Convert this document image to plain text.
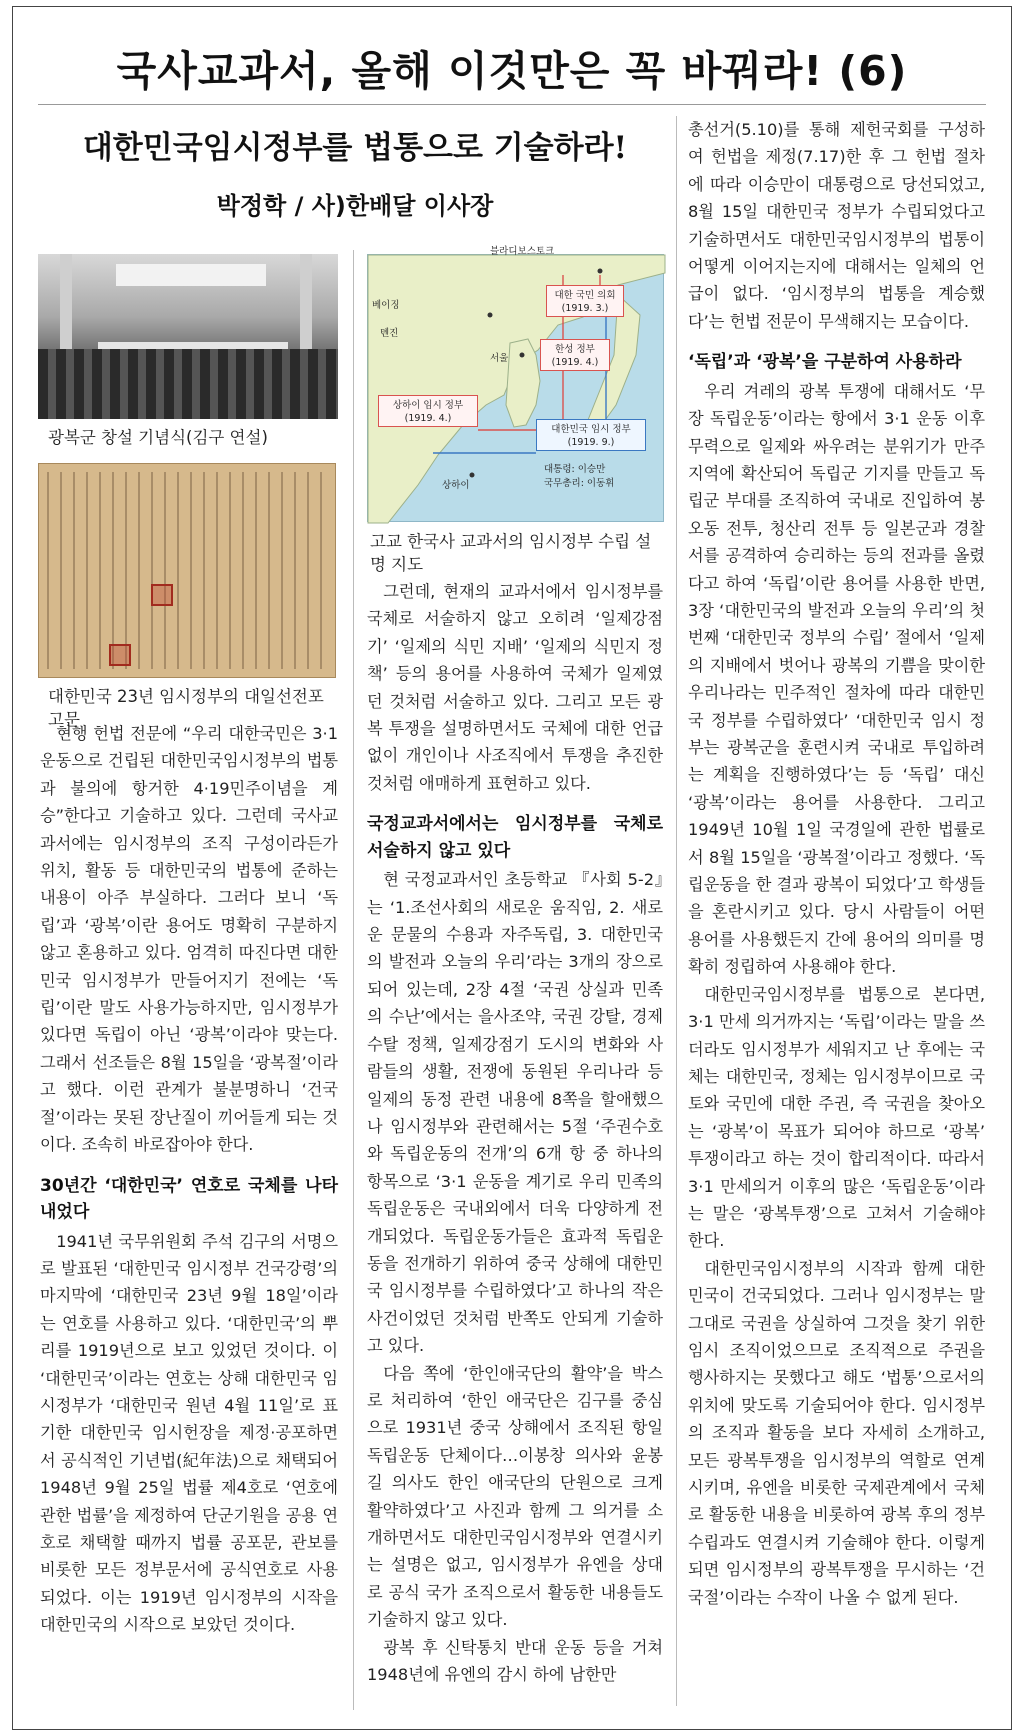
국사교과서, 올해 이것만은 꼭 바꿔라! (6)
대한민국임시정부를 법통으로 기술하라!
박정학 / 사)한배달 이사장
광복군 창설 기념식(김구 연설)
대한민국 23년 임시정부의 대일선전포고문
블라디보스토크
베이징
톈진
서울
상하이
대한 국민 의회
(1919. 3.)
한성 정부
(1919. 4.)
상하이 임시 정부
(1919. 4.)
대한민국 임시 정부
(1919. 9.)
대통령: 이승만
국무총리: 이동휘
고교 한국사 교과서의 임시정부 수립 설명 지도

현행 헌법 전문에 “우리 대한국민은 3·1운동으로 건립된 대한민국임시정부의 법통과 불의에 항거한 4·19민주이념을 계승”한다고 기술하고 있다. 그런데 국사교과서에는 임시정부의 조직 구성이라든가 위치, 활동 등 대한민국의 법통에 준하는 내용이 아주 부실하다. 그러다 보니 ‘독립’과 ‘광복’이란 용어도 명확히 구분하지 않고 혼용하고 있다. 엄격히 따진다면 대한민국 임시정부가 만들어지기 전에는 ‘독립’이란 말도 사용가능하지만, 임시정부가 있다면 독립이 아닌 ‘광복’이라야 맞는다. 그래서 선조들은 8월 15일을 ‘광복절’이라고 했다. 이런 관계가 불분명하니 ‘건국절’이라는 못된 장난질이 끼어들게 되는 것이다. 조속히 바로잡아야 한다.

30년간 ‘대한민국’ 연호로 국체를 나타내었다

1941년 국무위원회 주석 김구의 서명으로 발표된 ‘대한민국 임시정부 건국강령’의 마지막에 ‘대한민국 23년 9월 18일’이라는 연호를 사용하고 있다. ‘대한민국’의 뿌리를 1919년으로 보고 있었던 것이다. 이 ‘대한민국’이라는 연호는 상해 대한민국 임시정부가 ‘대한민국 원년 4월 11일’로 표기한 대한민국 임시헌장을 제정·공포하면서 공식적인 기년법(紀年法)으로 채택되어 1948년 9월 25일 법률 제4호로 ‘연호에 관한 법률’을 제정하여 단군기원을 공용 연호로 채택할 때까지 법률 공포문, 관보를 비롯한 모든 정부문서에 공식연호로 사용되었다. 이는 1919년 임시정부의 시작을 대한민국의 시작으로 보았던 것이다.

그런데, 현재의 교과서에서 임시정부를 국체로 서술하지 않고 오히려 ‘일제강점기’ ‘일제의 식민 지배’ ‘일제의 식민지 정책’ 등의 용어를 사용하여 국체가 일제였던 것처럼 서술하고 있다. 그리고 모든 광복 투쟁을 설명하면서도 국체에 대한 언급 없이 개인이나 사조직에서 투쟁을 추진한 것처럼 애매하게 표현하고 있다.

국정교과서에서는 임시정부를 국체로 서술하지 않고 있다

현 국정교과서인 초등학교 『사회 5-2』는 ‘1.조선사회의 새로운 움직임, 2. 새로운 문물의 수용과 자주독립, 3. 대한민국의 발전과 오늘의 우리’라는 3개의 장으로 되어 있는데, 2장 4절 ‘국권 상실과 민족의 수난’에서는 을사조약, 국권 강탈, 경제수탈 정책, 일제강점기 도시의 변화와 사람들의 생활, 전쟁에 동원된 우리나라 등 일제의 동정 관련 내용에 8쪽을 할애했으나 임시정부와 관련해서는 5절 ‘주권수호와 독립운동의 전개’의 6개 항 중 하나의 항목으로 ‘3·1 운동을 계기로 우리 민족의 독립운동은 국내외에서 더욱 다양하게 전개되었다. 독립운동가들은 효과적 독립운동을 전개하기 위하여 중국 상해에 대한민국 임시정부를 수립하였다’고 하나의 작은 사건이었던 것처럼 반쪽도 안되게 기술하고 있다.

다음 쪽에 ‘한인애국단의 활약’을 박스로 처리하여 ‘한인 애국단은 김구를 중심으로 1931년 중국 상해에서 조직된 항일 독립운동 단체이다…이봉창 의사와 윤봉길 의사도 한인 애국단의 단원으로 크게 활약하였다’고 사진과 함께 그 의거를 소개하면서도 대한민국임시정부와 연결시키는 설명은 없고, 임시정부가 유엔을 상대로 공식 국가 조직으로서 활동한 내용들도 기술하지 않고 있다.

광복 후 신탁통치 반대 운동 등을 거쳐 1948년에 유엔의 감시 하에 남한만

총선거(5.10)를 통해 제헌국회를 구성하여 헌법을 제정(7.17)한 후 그 헌법 절차에 따라 이승만이 대통령으로 당선되었고, 8월 15일 대한민국 정부가 수립되었다고 기술하면서도 대한민국임시정부의 법통이 어떻게 이어지는지에 대해서는 일체의 언급이 없다. ‘임시정부의 법통을 계승했다’는 헌법 전문이 무색해지는 모습이다.

‘독립’과 ‘광복’을 구분하여 사용하라

우리 겨레의 광복 투쟁에 대해서도 ‘무장 독립운동’이라는 항에서 3·1 운동 이후 무력으로 일제와 싸우려는 분위기가 만주지역에 확산되어 독립군 기지를 만들고 독립군 부대를 조직하여 국내로 진입하여 봉오동 전투, 청산리 전투 등 일본군과 경찰서를 공격하여 승리하는 등의 전과를 올렸다고 하여 ‘독립’이란 용어를 사용한 반면, 3장 ‘대한민국의 발전과 오늘의 우리’의 첫 번째 ‘대한민국 정부의 수립’ 절에서 ‘일제의 지배에서 벗어나 광복의 기쁨을 맞이한 우리나라는 민주적인 절차에 따라 대한민국 정부를 수립하였다’ ‘대한민국 임시 정부는 광복군을 훈련시켜 국내로 투입하려는 계획을 진행하였다’는 등 ‘독립’ 대신 ‘광복’이라는 용어를 사용한다. 그리고 1949년 10월 1일 국경일에 관한 법률로서 8월 15일을 ‘광복절’이라고 정했다. ‘독립운동을 한 결과 광복이 되었다’고 학생들을 혼란시키고 있다. 당시 사람들이 어떤 용어를 사용했든지 간에 용어의 의미를 명확히 정립하여 사용해야 한다.

대한민국임시정부를 법통으로 본다면, 3·1 만세 의거까지는 ‘독립’이라는 말을 쓰더라도 임시정부가 세워지고 난 후에는 국체는 대한민국, 정체는 임시정부이므로 국토와 국민에 대한 주권, 즉 국권을 찾아오는 ‘광복’이 목표가 되어야 하므로 ‘광복’ 투쟁이라고 하는 것이 합리적이다. 따라서 3·1 만세의거 이후의 많은 ‘독립운동’이라는 말은 ‘광복투쟁’으로 고쳐서 기술해야 한다.

대한민국임시정부의 시작과 함께 대한민국이 건국되었다. 그러나 임시정부는 말 그대로 국권을 상실하여 그것을 찾기 위한 임시 조직이었으므로 조직적으로 주권을 행사하지는 못했다고 해도 ‘법통’으로서의 위치에 맞도록 기술되어야 한다. 임시정부의 조직과 활동을 보다 자세히 소개하고, 모든 광복투쟁을 임시정부의 역할로 연계시키며, 유엔을 비롯한 국제관계에서 국체로 활동한 내용을 비롯하여 광복 후의 정부수립과도 연결시켜 기술해야 한다. 이렇게 되면 임시정부의 광복투쟁을 무시하는 ‘건국절’이라는 수작이 나올 수 없게 된다.
